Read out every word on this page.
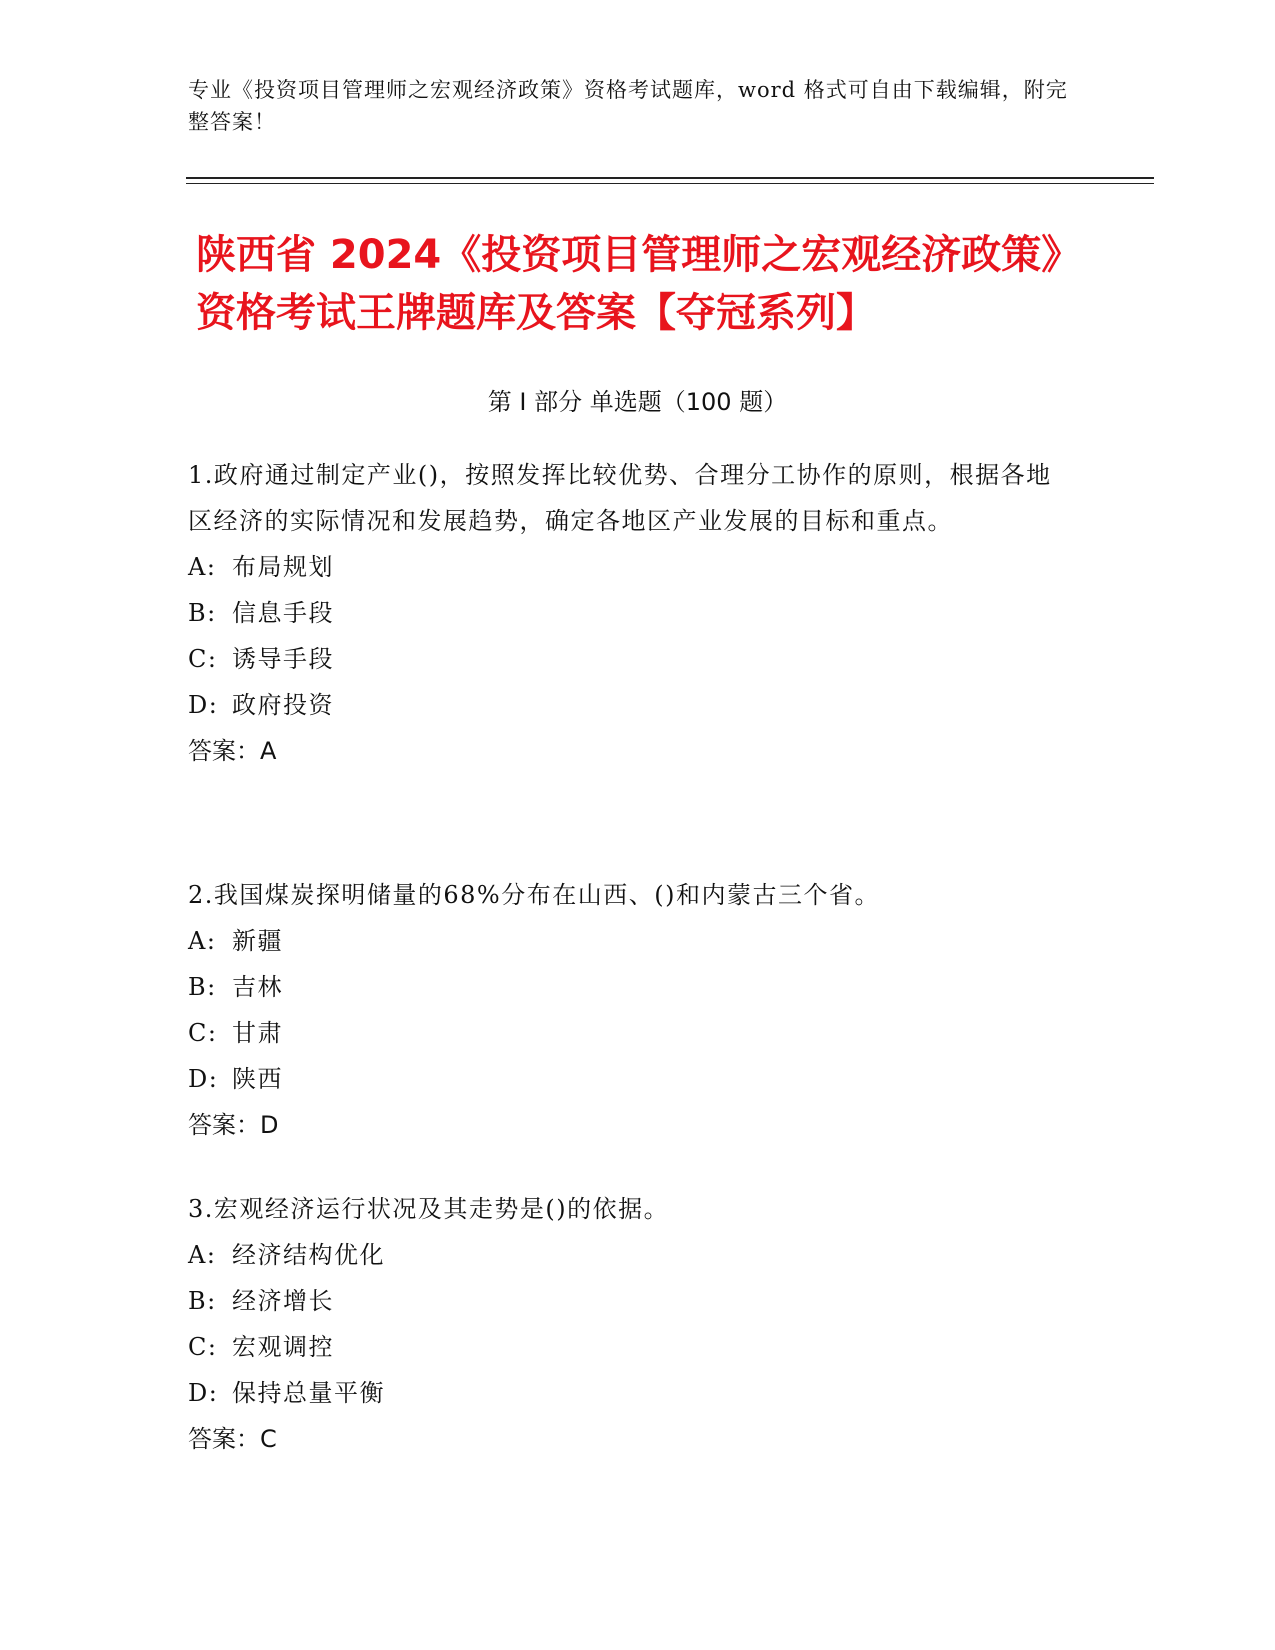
专业《投资项目管理师之宏观经济政策》资格考试题库，word 格式可自由下载编辑，附完整答案！
陕西省 2024《投资项目管理师之宏观经济政策》资格考试王牌题库及答案【夺冠系列】
第 I 部分 单选题（100 题）
1.政府通过制定产业()，按照发挥比较优势、合理分工协作的原则，根据各地区经济的实际情况和发展趋势，确定各地区产业发展的目标和重点。
A: 布局规划
B: 信息手段
C: 诱导手段
D: 政府投资
答案：A
2.我国煤炭探明储量的68%分布在山西、()和内蒙古三个省。
A: 新疆
B: 吉林
C: 甘肃
D: 陕西
答案：D
3.宏观经济运行状况及其走势是()的依据。
A: 经济结构优化
B: 经济增长
C: 宏观调控
D: 保持总量平衡
答案：C
